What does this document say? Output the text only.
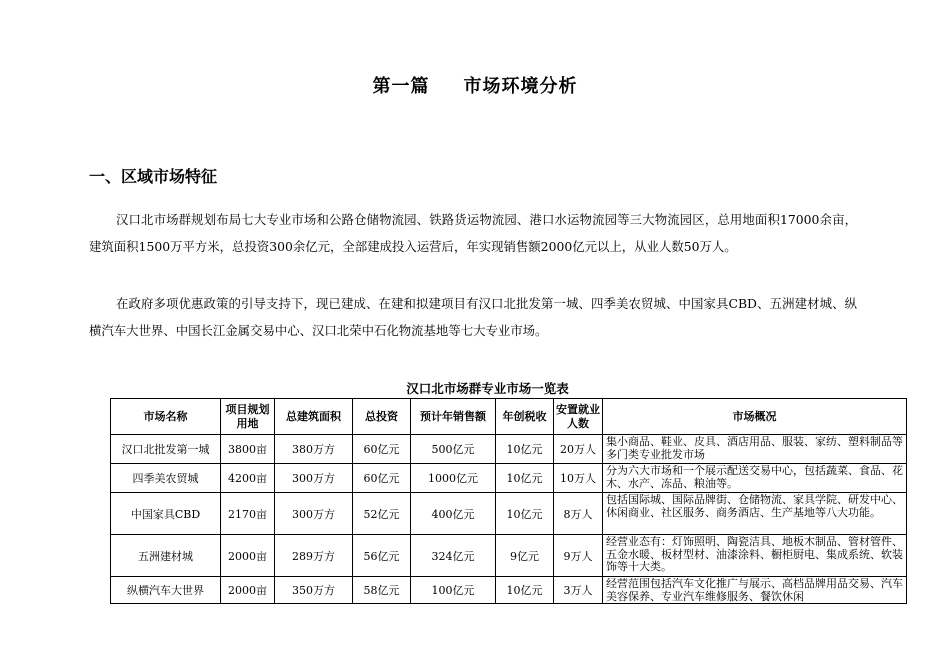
第一篇 市场环境分析
一、区域市场特征

汉口北市场群规划布局七大专业市场和公路仓储物流园、铁路货运物流园、港口水运物流园等三大物流园区，总用地面积17000余亩，建筑面积1500万平方米，总投资300余亿元，全部建成投入运营后，年实现销售额2000亿元以上，从业人数50万人。

在政府多项优惠政策的引导支持下，现已建成、在建和拟建项目有汉口北批发第一城、四季美农贸城、中国家具CBD、五洲建材城、纵横汽车大世界、中国长江金属交易中心、汉口北荣中石化物流基地等七大专业市场。

汉口北市场群专业市场一览表
市场名称	项目规划用地	总建筑面积	总投资	预计年销售额	年创税收	安置就业人数	市场概况
汉口北批发第一城	3800亩	380万方	60亿元	500亿元	10亿元	20万人	集小商品、鞋业、皮具、酒店用品、服装、家纺、塑料制品等多门类专业批发市场

四季美农贸城	4200亩	300万方	60亿元	1000亿元	10亿元	10万人	分为六大市场和一个展示配送交易中心，包括蔬菜、食品、花木、水产、冻品、粮油等。

中国家具CBD	2170亩	300万方	52亿元	400亿元	10亿元	8万人	包括国际城、国际品牌街、仓储物流、家具学院、研发中心、休闲商业、社区服务、商务酒店、生产基地等八大功能。

五洲建材城	2000亩	289万方	56亿元	324亿元	9亿元	9万人	经营业态有：灯饰照明、陶瓷洁具、地板木制品、管材管件、五金水暖、板材型材、油漆涂料、橱柜厨电、集成系统、软装饰等十大类。

纵横汽车大世界	2000亩	350万方	58亿元	100亿元	10亿元	3万人	经营范围包括汽车文化推广与展示、高档品牌用品交易、汽车美容保养、专业汽车维修服务、餐饮休闲
